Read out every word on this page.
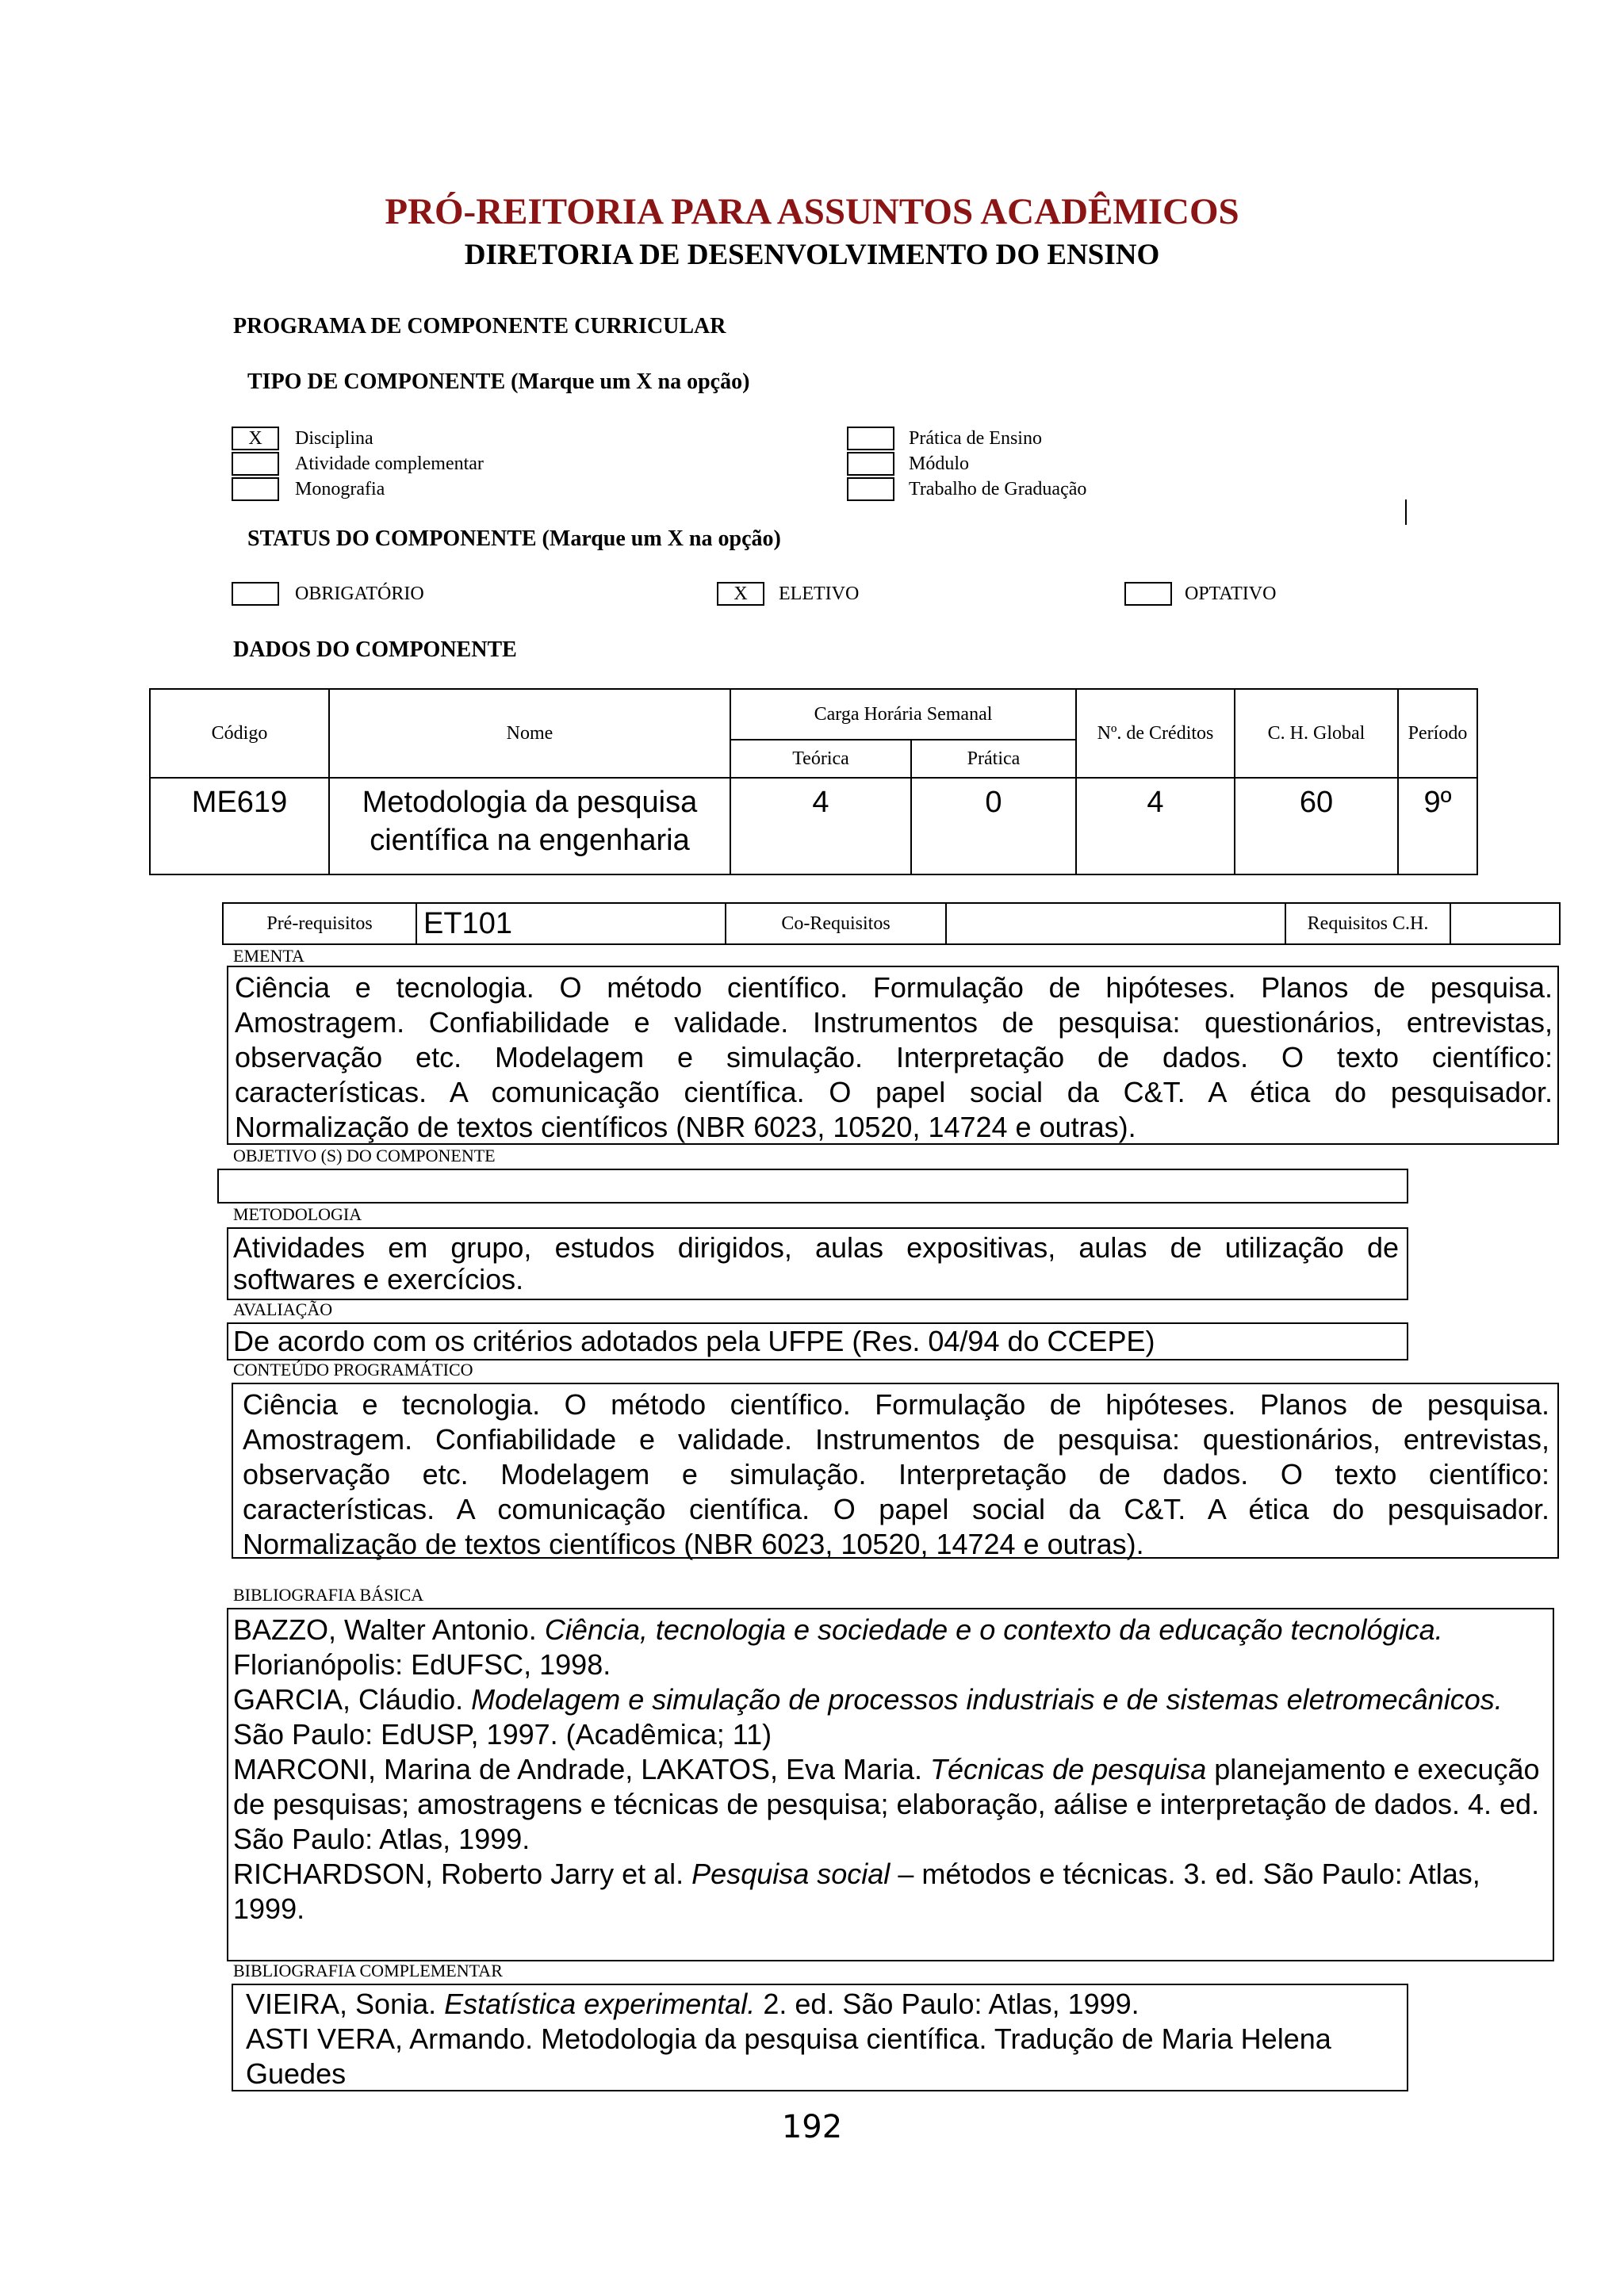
PRÓ-REITORIA PARA ASSUNTOS ACADÊMICOS
DIRETORIA DE DESENVOLVIMENTO DO ENSINO
PROGRAMA DE COMPONENTE CURRICULAR
TIPO DE COMPONENTE (Marque um X na opção)
X	Disciplina
Atividade complementar
Monografia
Prática de Ensino
Módulo
Trabalho de Graduação
STATUS DO COMPONENTE (Marque um X na opção)
OBRIGATÓRIO	X	ELETIVO	OPTATIVO
DADOS DO COMPONENTE
Código	Nome	Carga Horária Semanal		Nº. de Créditos	C. H. Global	Período
		Teórica	Prática			
ME619	Metodologia da pesquisa científica na engenharia	4	0	4	60	9º
Pré-requisitos	ET101	Co-Requisitos		Requisitos C.H.	
EMENTA
Ciência e tecnologia. O método científico. Formulação de hipóteses. Planos de pesquisa.
Amostragem. Confiabilidade e validade. Instrumentos de pesquisa: questionários, entrevistas,
observação etc. Modelagem e simulação. Interpretação de dados. O texto científico:
características. A comunicação científica. O papel social da C&T. A ética do pesquisador.
Normalização de textos científicos (NBR 6023, 10520, 14724 e outras).
OBJETIVO (S) DO COMPONENTE
METODOLOGIA
Atividades em grupo, estudos dirigidos, aulas expositivas, aulas de utilização de
softwares e exercícios.
AVALIAÇÃO
De acordo com os critérios adotados pela UFPE (Res. 04/94 do CCEPE)
CONTEÚDO PROGRAMÁTICO
Ciência e tecnologia. O método científico. Formulação de hipóteses. Planos de pesquisa.
Amostragem. Confiabilidade e validade. Instrumentos de pesquisa: questionários, entrevistas,
observação etc. Modelagem e simulação. Interpretação de dados. O texto científico:
características. A comunicação científica. O papel social da C&T. A ética do pesquisador.
Normalização de textos científicos (NBR 6023, 10520, 14724 e outras).
BIBLIOGRAFIA BÁSICA
BAZZO, Walter Antonio. Ciência, tecnologia e sociedade e o contexto da educação tecnológica. Florianópolis: EdUFSC, 1998.
GARCIA, Cláudio. Modelagem e simulação de processos industriais e de sistemas eletromecânicos. São Paulo: EdUSP, 1997. (Acadêmica; 11)
MARCONI, Marina de Andrade, LAKATOS, Eva Maria. Técnicas de pesquisa planejamento e execução de pesquisas; amostragens e técnicas de pesquisa; elaboração, aálise e interpretação de dados. 4. ed. São Paulo: Atlas, 1999.
RICHARDSON, Roberto Jarry et al. Pesquisa social – métodos e técnicas. 3. ed. São Paulo: Atlas, 1999.
BIBLIOGRAFIA COMPLEMENTAR
VIEIRA, Sonia. Estatística experimental. 2. ed. São Paulo: Atlas, 1999.
ASTI VERA, Armando. Metodologia da pesquisa científica. Tradução de Maria Helena Guedes
192
